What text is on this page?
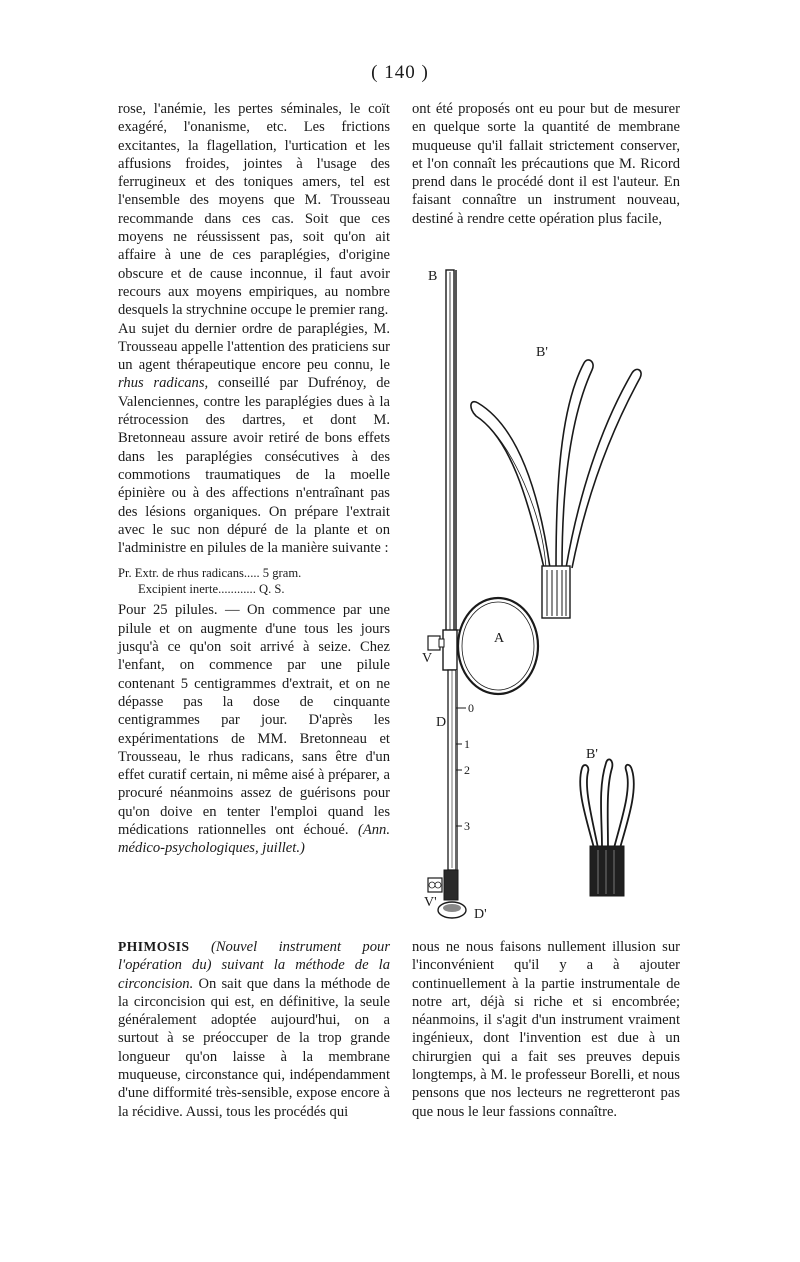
( 140 )

rose, l'anémie, les pertes séminales, le coït exagéré, l'onanisme, etc. Les frictions excitantes, la flagellation, l'urtication et les affusions froides, jointes à l'usage des ferrugineux et des toniques amers, tel est l'ensemble des moyens que M. Trousseau recommande dans ces cas. Soit que ces moyens ne réussissent pas, soit qu'on ait affaire à une de ces paraplégies, d'origine obscure et de cause inconnue, il faut avoir recours aux moyens empiriques, au nombre desquels la strychnine occupe le premier rang.

Au sujet du dernier ordre de paraplégies, M. Trousseau appelle l'attention des praticiens sur un agent thérapeutique encore peu connu, le rhus radicans, conseillé par Dufrénoy, de Valenciennes, contre les paraplégies dues à la rétrocession des dartres, et dont M. Bretonneau assure avoir retiré de bons effets dans les paraplégies consécutives à des commotions traumatiques de la moelle épinière ou à des affections n'entraînant pas des lésions organiques. On prépare l'extrait avec le suc non dépuré de la plante et on l'administre en pilules de la manière suivante :

Pr. Extr. de rhus radicans..... 5 gram.
Excipient inerte............ Q. S.

Pour 25 pilules. — On commence par une pilule et on augmente d'une tous les jours jusqu'à ce qu'on soit arrivé à seize. Chez l'enfant, on commence par une pilule contenant 5 centigrammes d'extrait, et on ne dépasse pas la dose de cinquante centigrammes par jour. D'après les expérimentations de MM. Bretonneau et Trousseau, le rhus radicans, sans être d'un effet curatif certain, ni même aisé à préparer, a procuré néanmoins assez de guérisons pour qu'on doive en tenter l'emploi quand les médications rationnelles ont échoué. (Ann. médico-psychologiques, juillet.)

ont été proposés ont eu pour but de mesurer en quelque sorte la quantité de membrane muqueuse qu'il fallait strictement conserver, et l'on connaît les précautions que M. Ricord prend dans le procédé dont il est l'auteur. En faisant connaître un instrument nouveau, destiné à rendre cette opération plus facile,

B
B'
A
V
D
0
1
2
3
V'
D'
B'

PHIMOSIS (Nouvel instrument pour l'opération du) suivant la méthode de la circoncision. On sait que dans la méthode de la circoncision qui est, en définitive, la seule généralement adoptée aujourd'hui, on a surtout à se préoccuper de la trop grande longueur qu'on laisse à la membrane muqueuse, circonstance qui, indépendamment d'une difformité très-sensible, expose encore à la récidive. Aussi, tous les procédés qui

nous ne nous faisons nullement illusion sur l'inconvénient qu'il y a à ajouter continuellement à la partie instrumentale de notre art, déjà si riche et si encombrée; néanmoins, il s'agit d'un instrument vraiment ingénieux, dont l'invention est due à un chirurgien qui a fait ses preuves depuis longtemps, à M. le professeur Borelli, et nous pensons que nos lecteurs ne regretteront pas que nous le leur fassions connaître.
